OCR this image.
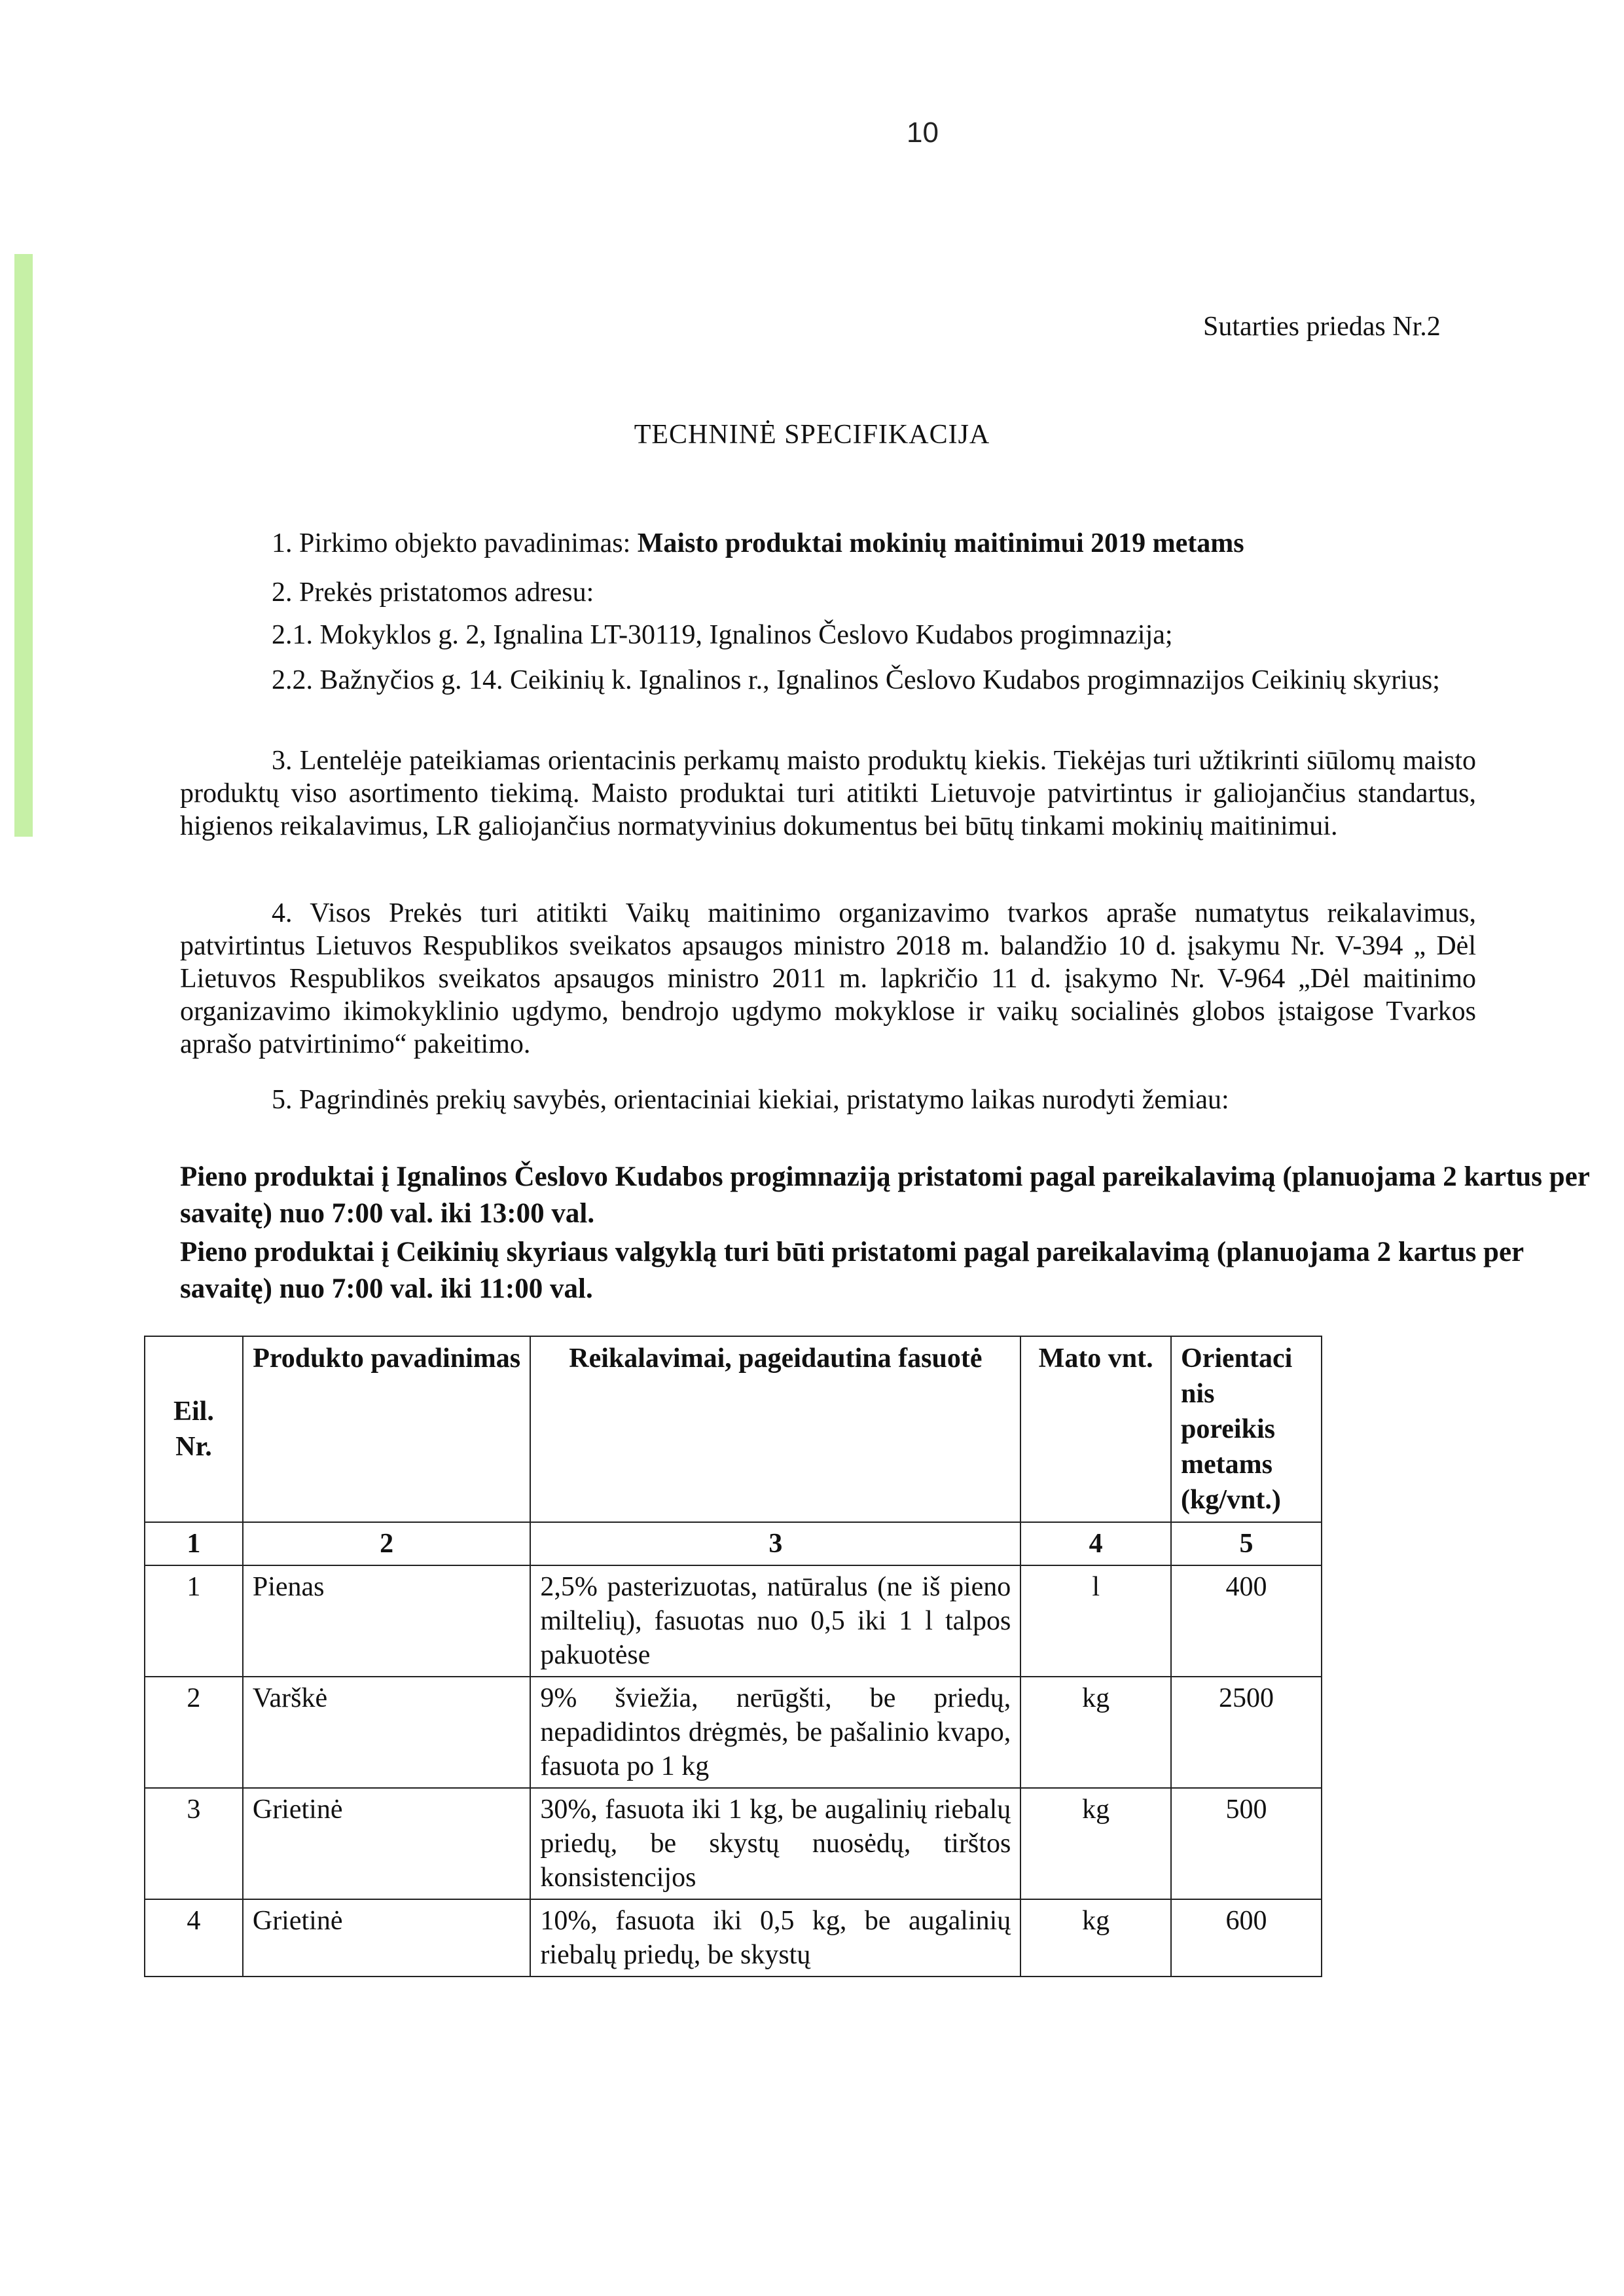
10
Sutarties priedas Nr.2
TECHNINĖ SPECIFIKACIJA
1. Pirkimo objekto pavadinimas: Maisto produktai mokinių maitinimui 2019 metams
2. Prekės pristatomos adresu:
2.1. Mokyklos g. 2, Ignalina LT-30119, Ignalinos Česlovo Kudabos progimnazija;
2.2. Bažnyčios g. 14. Ceikinių k. Ignalinos r., Ignalinos Česlovo Kudabos progimnazijos Ceikinių skyrius;
3. Lentelėje pateikiamas orientacinis perkamų maisto produktų kiekis. Tiekėjas turi užtikrinti siūlomų maisto produktų viso asortimento tiekimą. Maisto produktai turi atitikti Lietuvoje patvirtintus ir galiojančius standartus, higienos reikalavimus, LR galiojančius normatyvinius dokumentus bei būtų tinkami mokinių maitinimui.
4. Visos Prekės turi atitikti Vaikų maitinimo organizavimo tvarkos apraše numatytus reikalavimus, patvirtintus Lietuvos Respublikos sveikatos apsaugos ministro 2018 m. balandžio 10 d. įsakymu Nr. V-394 „ Dėl Lietuvos Respublikos sveikatos apsaugos ministro 2011 m. lapkričio 11 d. įsakymo Nr. V-964 „Dėl maitinimo organizavimo ikimokyklinio ugdymo, bendrojo ugdymo mokyklose ir vaikų socialinės globos įstaigose Tvarkos aprašo patvirtinimo“ pakeitimo.
5. Pagrindinės prekių savybės, orientaciniai kiekiai, pristatymo laikas nurodyti žemiau:
Pieno produktai į Ignalinos Česlovo Kudabos progimnaziją pristatomi pagal pareikalavimą (planuojama 2 kartus per savaitę) nuo 7:00 val. iki 13:00 val.
Pieno produktai į Ceikinių skyriaus valgyklą turi būti pristatomi pagal pareikalavimą (planuojama 2 kartus per savaitę) nuo 7:00 val. iki 11:00 val.
Eil. Nr.	Produkto pavadinimas	Reikalavimai, pageidautina fasuotė	Mato vnt.	Orientaci nis poreikis metams (kg/vnt.)
1	2	3	4	5
1	Pienas	2,5% pasterizuotas, natūralus (ne iš pieno miltelių), fasuotas nuo 0,5 iki 1 l talpos pakuotėse	l	400
2	Varškė	9% šviežia, nerūgšti, be priedų, nepadidintos drėgmės, be pašalinio kvapo, fasuota po 1 kg	kg	2500
3	Grietinė	30%, fasuota iki 1 kg, be augalinių riebalų priedų, be skystų nuosėdų, tirštos konsistencijos	kg	500
4	Grietinė	10%, fasuota iki 0,5 kg, be augalinių riebalų priedų, be skystų	kg	600
